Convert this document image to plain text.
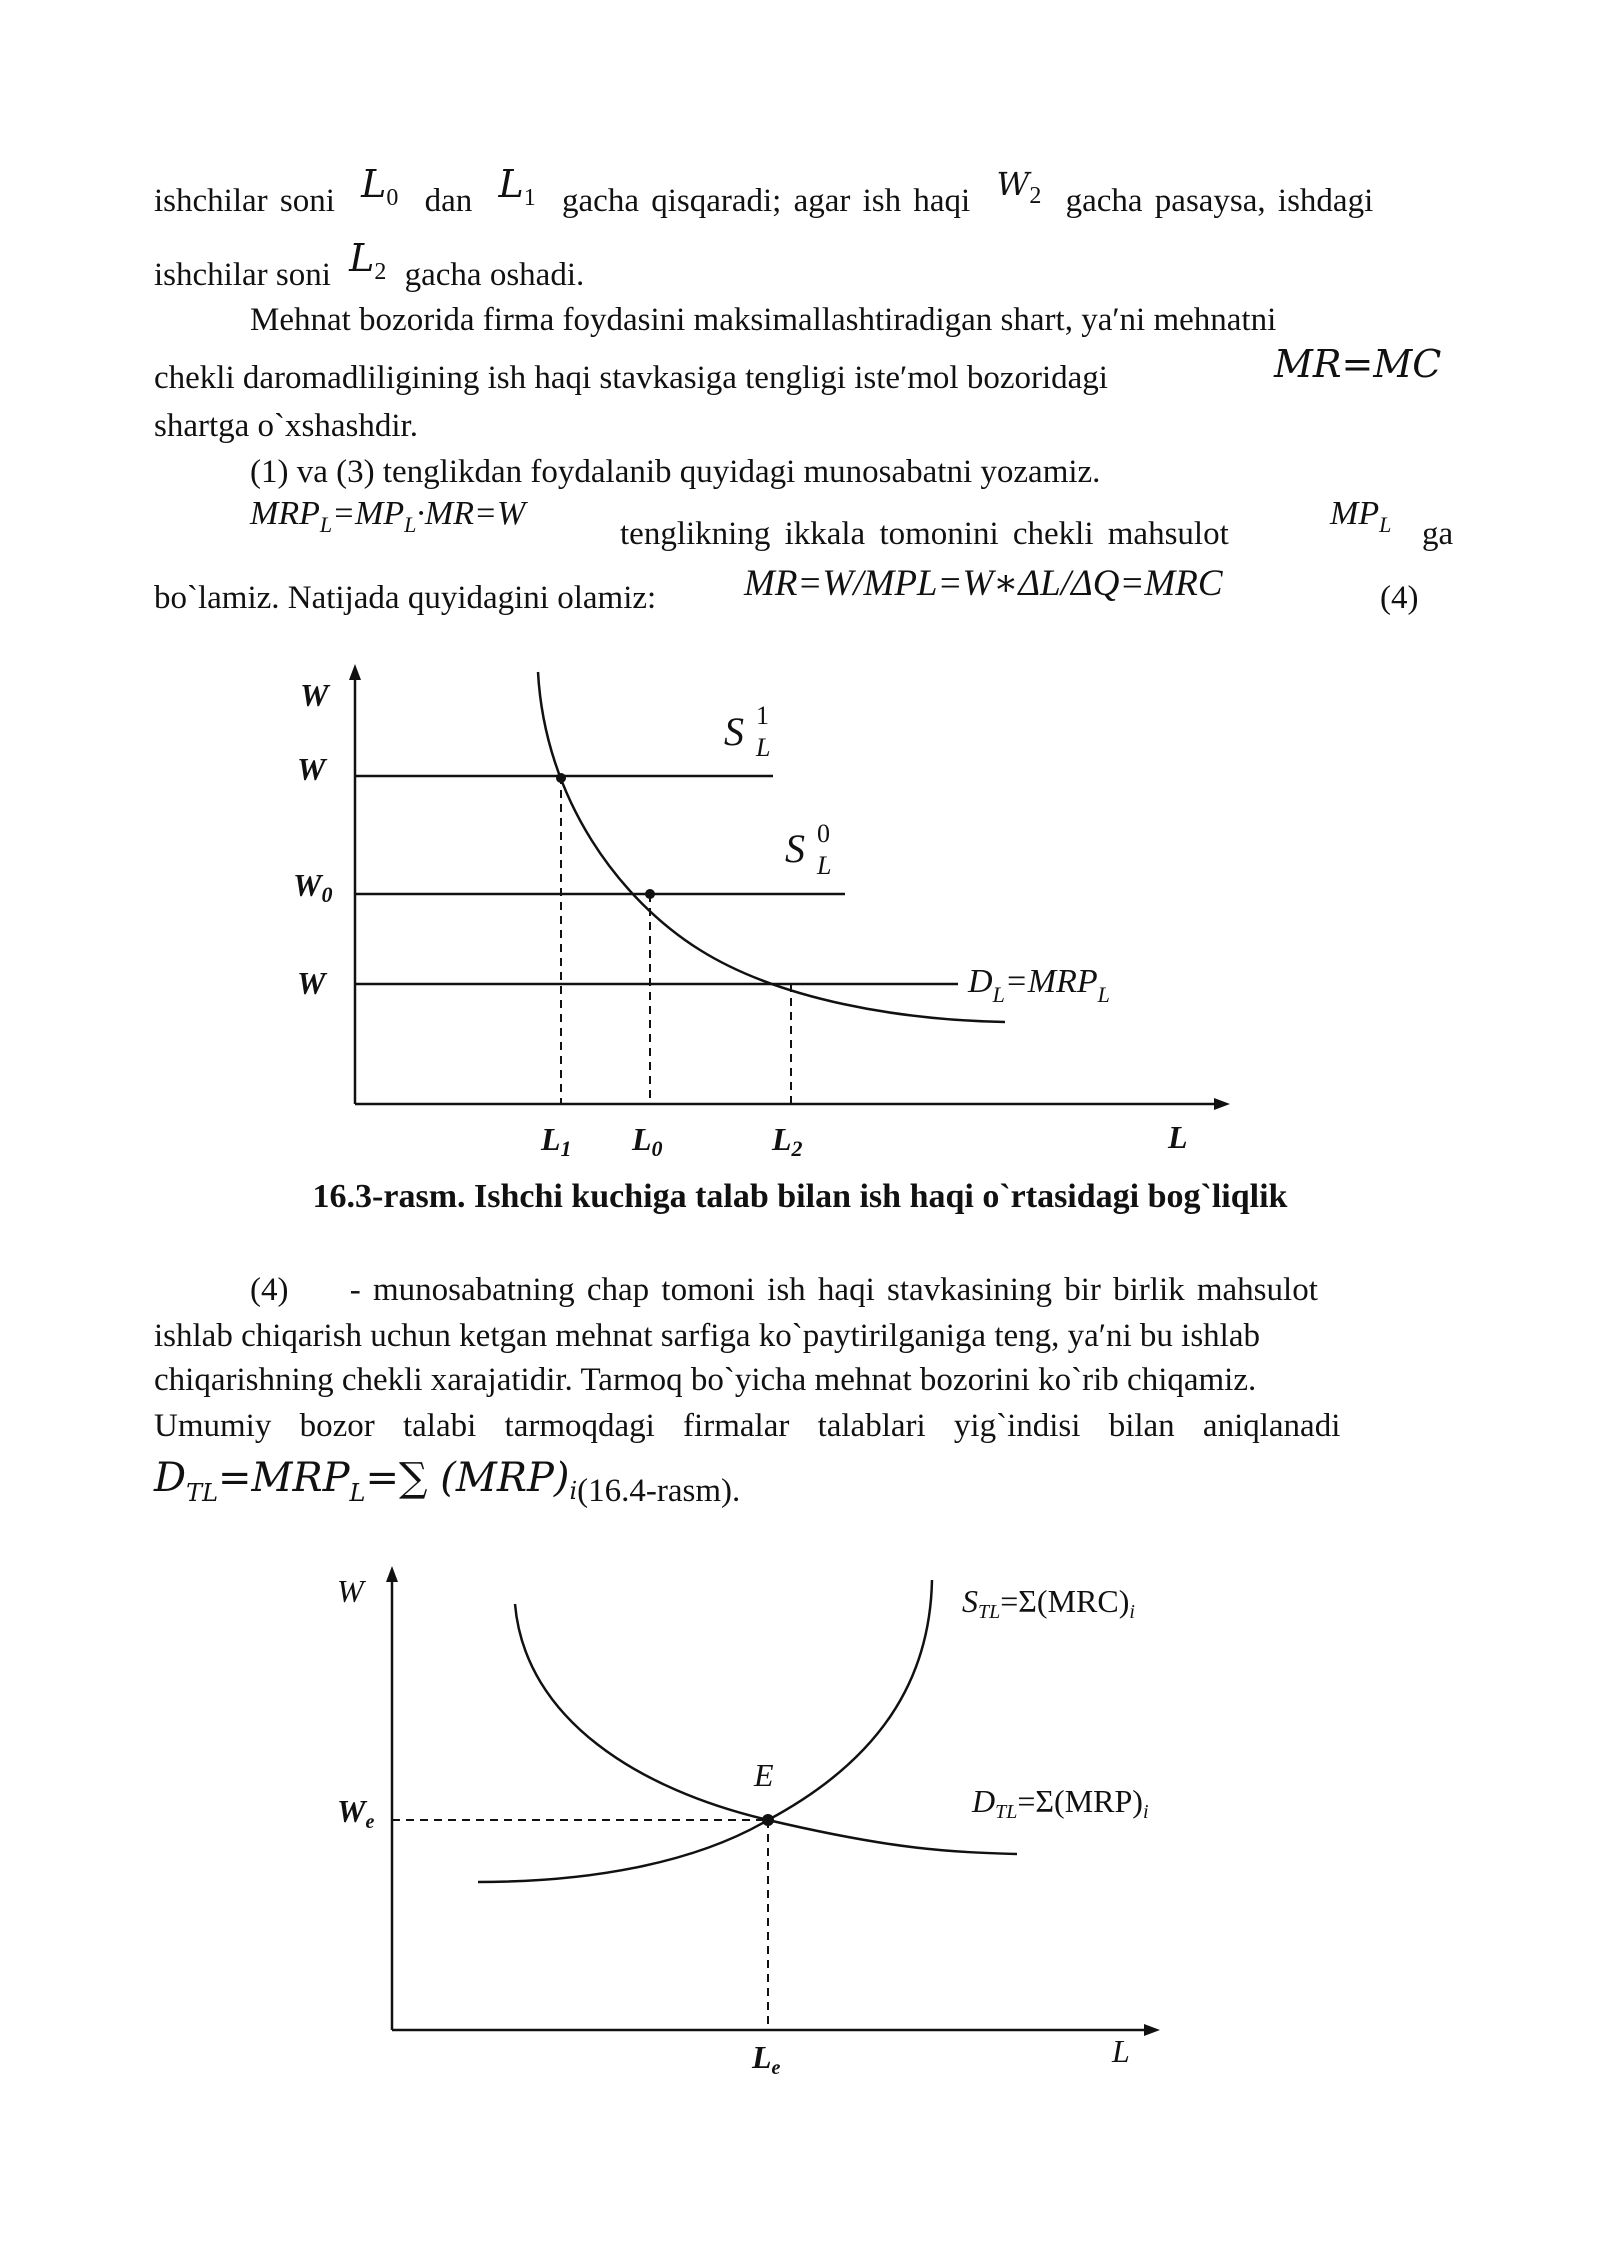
ishchilar soni $L_0$ dan $L_1$ gacha qisqaradi; agar ish haqi $W_2$ gacha pasaysa, ishdagi
ishchilar soni $L_2$ gacha oshadi.
Mehnat bozorida firma foydasini maksimallashtiradigan shart, ya′ni mehnatni
chekli daromadliligining ish haqi stavkasiga tengligi iste′mol bozoridagi	MR=MC
shartga o`xshashdir.
(1) va (3) tenglikdan foydalanib quyidagi munosabatni yozamiz.
$MRP_L=MP_L\cdot MR=W$
tenglikning ikkala tomonini chekli mahsulot
$MP_L$ ga
bo`lamiz. Natijada quyidagini olamiz: MR=W/MPL=W∗ΔL/ΔQ=MRC	(4)
W
W
W0
W
L1 L0	L2	L
S 1
L
S 0
L
$D_L=MRP_L$
16.3-rasm. Ishchi kuchiga talab bilan ish haqi o`rtasidagi bog`liqlik
(4)     - munosabatning chap tomoni ish haqi stavkasining bir birlik mahsulot
ishlab chiqarish uchun ketgan mehnat sarfiga ko`paytirilganiga teng, ya′ni bu ishlab
chiqarishning chekli xarajatidir. Tarmoq bo`yicha mehnat bozorini ko`rib chiqamiz.
Umumiy bozor talabi tarmoqdagi firmalar talablari yig`indisi bilan aniqlanadi
$D_{TL}=MRP_L=\sum$ $(MRP)_i(16.4-rasm)$.
W	STL=Σ(MRC)i
E
DTL=Σ(MRP)i
We
Le	L
